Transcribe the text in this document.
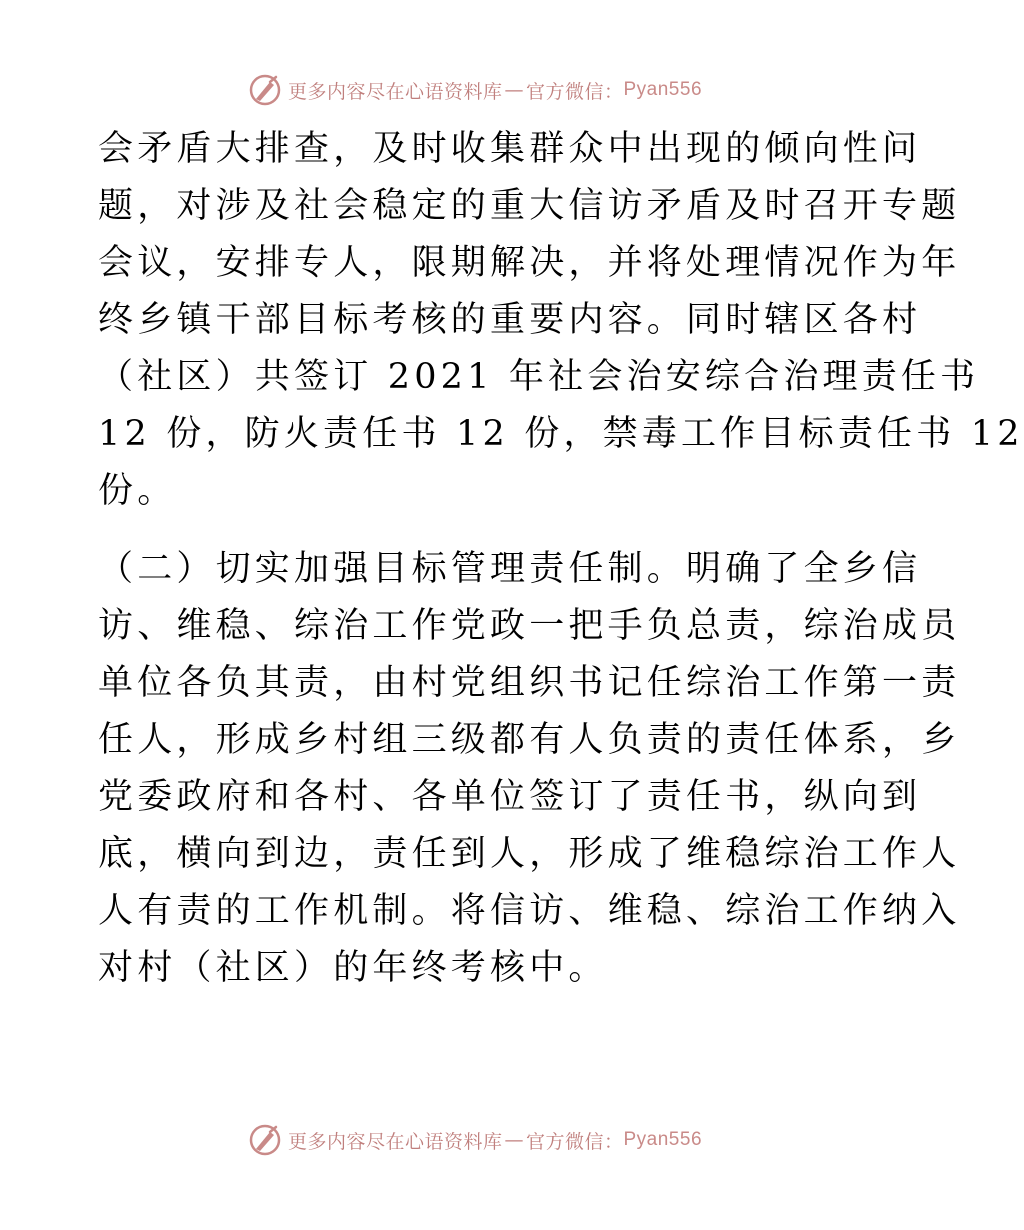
更多内容尽在心语资料库 — 官方微信： Pyan556
会矛盾大排查，及时收集群众中出现的倾向性问
题，对涉及社会稳定的重大信访矛盾及时召开专题
会议，安排专人，限期解决，并将处理情况作为年
终乡镇干部目标考核的重要内容。同时辖区各村
（社区）共签订 2021 年社会治安综合治理责任书
12 份，防火责任书 12 份，禁毒工作目标责任书 12
份。
（二）切实加强目标管理责任制。明确了全乡信
访、维稳、综治工作党政一把手负总责，综治成员
单位各负其责，由村党组织书记任综治工作第一责
任人，形成乡村组三级都有人负责的责任体系，乡
党委政府和各村、各单位签订了责任书，纵向到
底，横向到边，责任到人，形成了维稳综治工作人
人有责的工作机制。将信访、维稳、综治工作纳入
对村（社区）的年终考核中。
更多内容尽在心语资料库 — 官方微信： Pyan556
